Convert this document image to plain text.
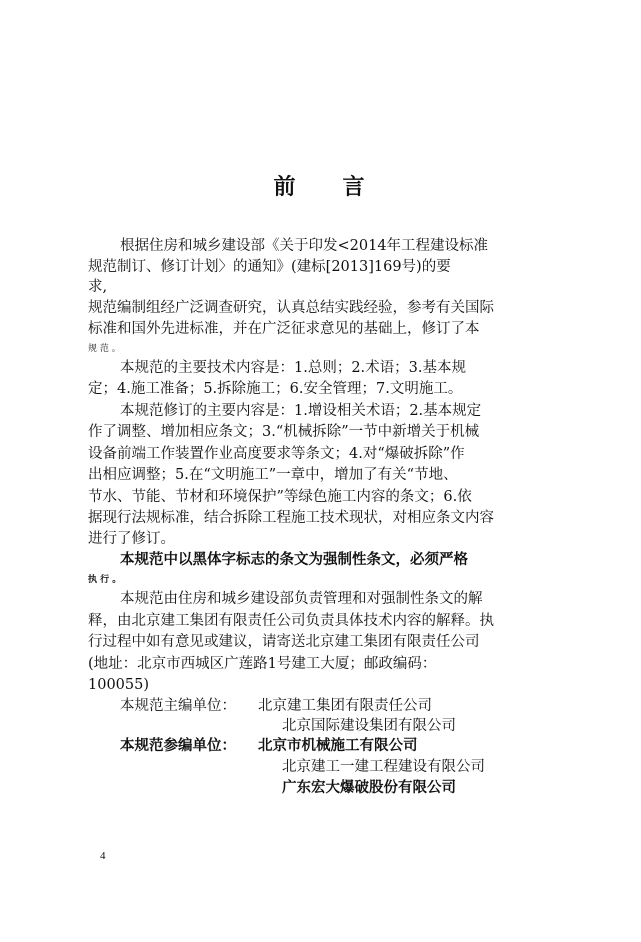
前 言
根据住房和城乡建设部《关于印发<2014年工程建设标准
规范制订、修订计划〉的通知》(建标[2013]169号)的要
求,
规范编制组经广泛调查研究，认真总结实践经验，参考有关国际
标准和国外先进标准，并在广泛征求意见的基础上，修订了本
规 范 。
本规范的主要技术内容是：1.总则；2.术语；3.基本规
定；4.施工准备；5.拆除施工；6.安全管理；7.文明施工。
本规范修订的主要内容是：1.增设相关术语；2.基本规定
作了调整、增加相应条文；3.“机械拆除”一节中新增关于机械
设备前端工作装置作业高度要求等条文；4.对“爆破拆除”作
出相应调整；5.在“文明施工”一章中，增加了有关“节地、
节水、节能、节材和环境保护”等绿色施工内容的条文；6.依
据现行法规标准，结合拆除工程施工技术现状，对相应条文内容
进行了修订。
本规范中以黑体字标志的条文为强制性条文，必须严格
执 行 。
本规范由住房和城乡建设部负责管理和对强制性条文的解
释，由北京建工集团有限责任公司负责具体技术内容的解释。执
行过程中如有意见或建议，请寄送北京建工集团有限责任公司
(地址：北京市西城区广莲路1号建工大厦；邮政编码：
100055)
本规范主编单位： 北京建工集团有限责任公司
北京国际建设集团有限公司
本规范参编单位： 北京市机械施工有限公司
北京建工一建工程建设有限公司
广东宏大爆破股份有限公司
4
